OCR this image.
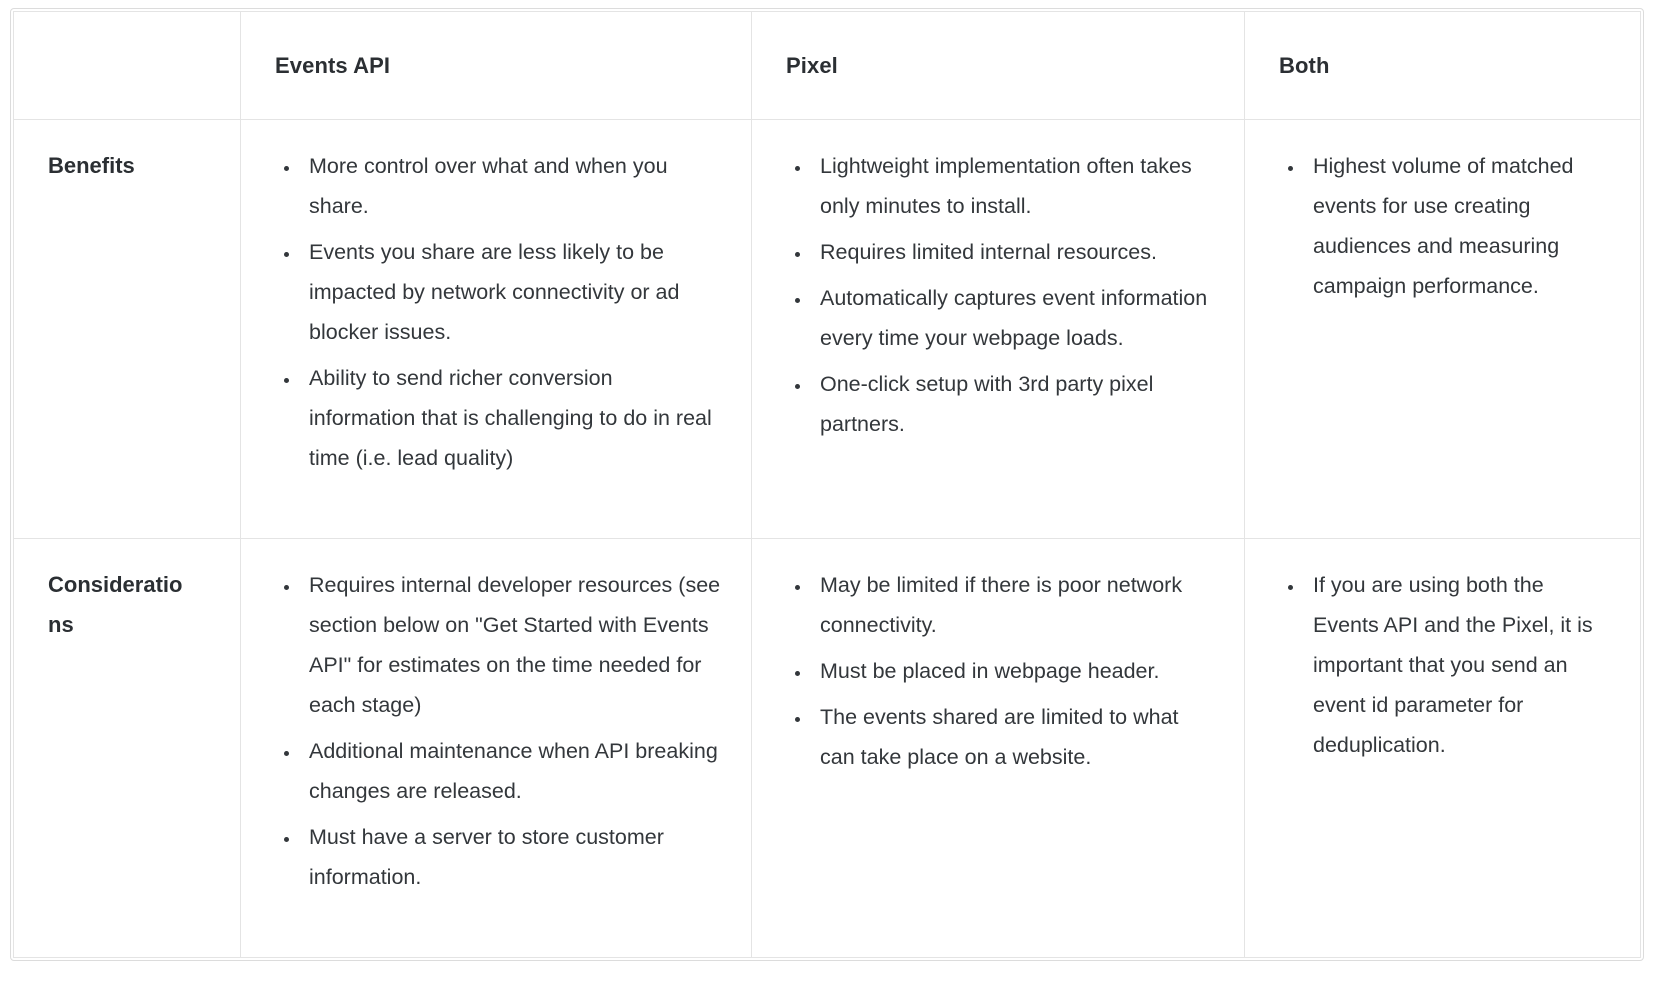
	Events API	Pixel	Both
Benefits	
•More control over what and when you share.
• Events you share are less likely to be impacted by network connectivity or ad blocker issues.
• Ability to send richer conversion information that is challenging to do in real time (i.e. lead quality)

• Lightweight implementation often takes only minutes to install.
• Requires limited internal resources.
• Automatically captures event information every time your webpage loads.
• One-click setup with 3rd party pixel partners.

• Highest volume of matched events for use creating audiences and measuring campaign performance.

Considerations	
• Requires internal developer resources (see section below on "Get Started with Events API" for estimates on the time needed for each stage)
• Additional maintenance when API breaking changes are released.
• Must have a server to store customer information.

• May be limited if there is poor network connectivity.
• Must be placed in webpage header.
• The events shared are limited to what can take place on a website.

• If you are using both the Events API and the Pixel, it is important that you send an event id parameter for deduplication.
